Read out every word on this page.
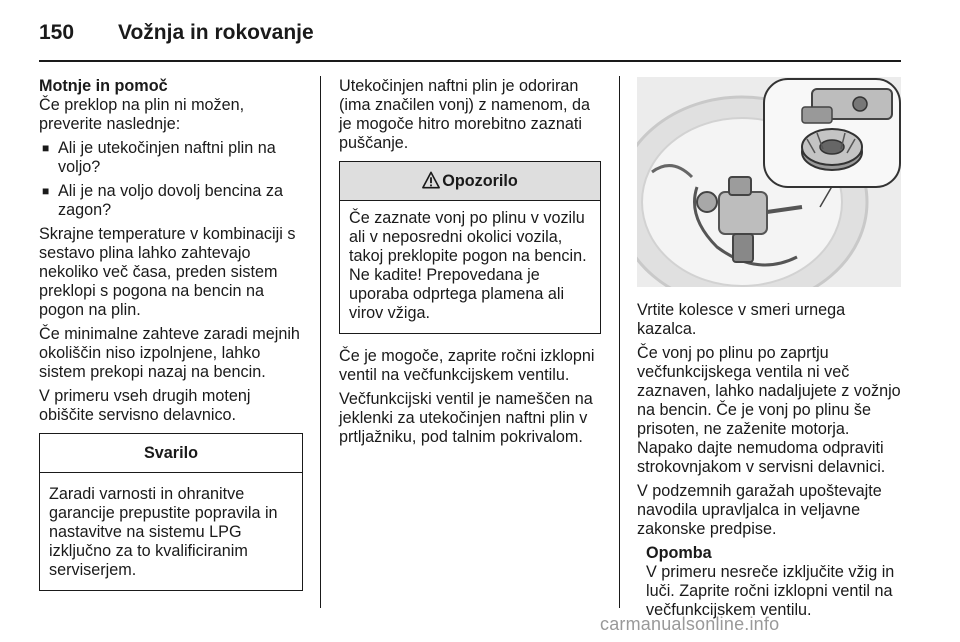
150 Vožnja in rokovanje

Motnje in pomoč

Če preklop na plin ni možen, preverite naslednje:

■ Ali je utekočinjen naftni plin na voljo?
■ Ali je na voljo dovolj bencina za zagon?

Skrajne temperature v kombinaciji s sestavo plina lahko zahtevajo nekoliko več časa, preden sistem preklopi s pogona na bencin na pogon na plin.

Če minimalne zahteve zaradi mejnih okoliščin niso izpolnjene, lahko sistem prekopi nazaj na bencin.

V primeru vseh drugih motenj obiščite servisno delavnico.

Svarilo
Zaradi varnosti in ohranitve garancije prepustite popravila in nastavitve na sistemu LPG izključno za to kvalificiranim serviserjem.

Utekočinjen naftni plin je odoriran (ima značilen vonj) z namenom, da je mogoče hitro morebitno zaznati puščanje.

Opozorilo
Če zaznate vonj po plinu v vozilu ali v neposredni okolici vozila, takoj preklopite pogon na bencin. Ne kadite! Prepovedana je uporaba odprtega plamena ali virov vžiga.

Če je mogoče, zaprite ročni izklopni ventil na večfunkcijskem ventilu.

Večfunkcijski ventil je nameščen na jeklenki za utekočinjen naftni plin v prtljažniku, pod talnim pokrivalom.

Vrtite kolesce v smeri urnega kazalca.

Če vonj po plinu po zaprtju večfunkcijskega ventila ni več zaznaven, lahko nadaljujete z vožnjo na bencin. Če je vonj po plinu še prisoten, ne zaženite motorja. Napako dajte nemudoma odpraviti strokovnjakom v servisni delavnici.

V podzemnih garažah upoštevajte navodila upravljalca in veljavne zakonske predpise.

Opomba

V primeru nesreče izključite vžig in luči. Zaprite ročni izklopni ventil na večfunkcijskem ventilu.

carmanualsonline.info
